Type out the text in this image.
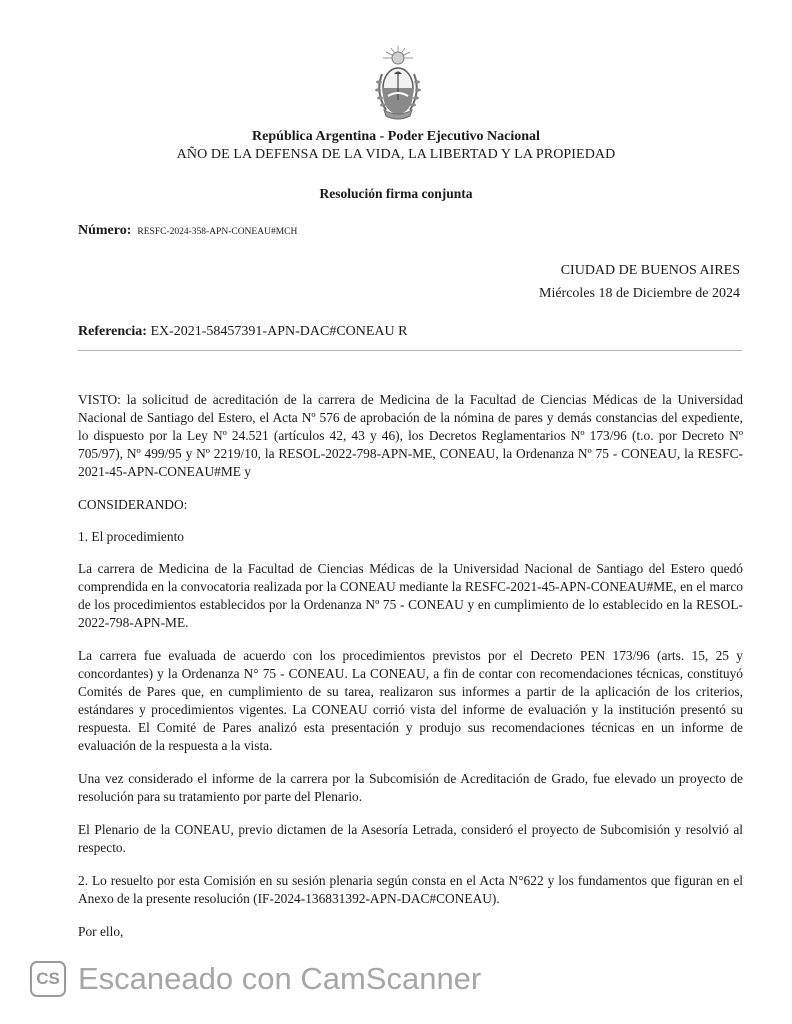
República Argentina - Poder Ejecutivo Nacional
AÑO DE LA DEFENSA DE LA VIDA, LA LIBERTAD Y LA PROPIEDAD
Resolución firma conjunta
Número: RESFC-2024-358-APN-CONEAU#MCH
CIUDAD DE BUENOS AIRES
Miércoles 18 de Diciembre de 2024
Referencia: EX-2021-58457391-APN-DAC#CONEAU R

VISTO: la solicitud de acreditación de la carrera de Medicina de la Facultad de Ciencias Médicas de la Universidad Nacional de Santiago del Estero, el Acta Nº 576 de aprobación de la nómina de pares y demás constancias del expediente, lo dispuesto por la Ley Nº 24.521 (artículos 42, 43 y 46), los Decretos Reglamentarios Nº 173/96 (t.o. por Decreto Nº 705/97), Nº 499/95 y Nº 2219/10, la RESOL-2022-798-APN-ME, CONEAU, la Ordenanza Nº 75 - CONEAU, la RESFC-2021-45-APN-CONEAU#ME y

CONSIDERANDO:

1. El procedimiento

La carrera de Medicina de la Facultad de Ciencias Médicas de la Universidad Nacional de Santiago del Estero quedó comprendida en la convocatoria realizada por la CONEAU mediante la RESFC-2021-45-APN-CONEAU#ME, en el marco de los procedimientos establecidos por la Ordenanza Nº 75 - CONEAU y en cumplimiento de lo establecido en la RESOL-2022-798-APN-ME.

La carrera fue evaluada de acuerdo con los procedimientos previstos por el Decreto PEN 173/96 (arts. 15, 25 y concordantes) y la Ordenanza N° 75 - CONEAU. La CONEAU, a fin de contar con recomendaciones técnicas, constituyó Comités de Pares que, en cumplimiento de su tarea, realizaron sus informes a partir de la aplicación de los criterios, estándares y procedimientos vigentes. La CONEAU corrió vista del informe de evaluación y la institución presentó su respuesta. El Comité de Pares analizó esta presentación y produjo sus recomendaciones técnicas en un informe de evaluación de la respuesta a la vista.

Una vez considerado el informe de la carrera por la Subcomisión de Acreditación de Grado, fue elevado un proyecto de resolución para su tratamiento por parte del Plenario.

El Plenario de la CONEAU, previo dictamen de la Asesoría Letrada, consideró el proyecto de Subcomisión y resolvió al respecto.

2. Lo resuelto por esta Comisión en su sesión plenaria según consta en el Acta N°622 y los fundamentos que figuran en el Anexo de la presente resolución (IF-2024-136831392-APN-DAC#CONEAU).

Por ello,

CS Escaneado con CamScanner
